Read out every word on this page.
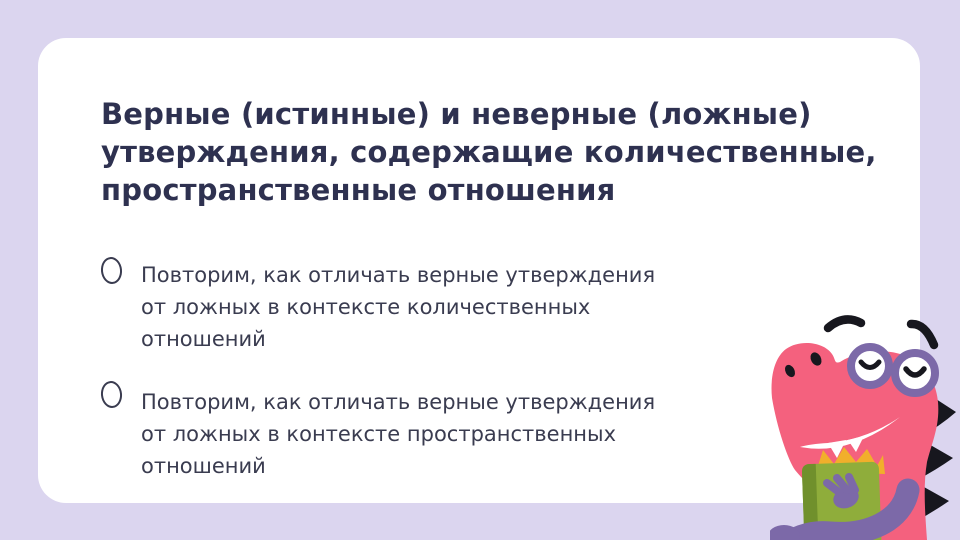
Верные (истинные) и неверные (ложные)
утверждения, содержащие количественные,
пространственные отношения
Повторим, как отличать верные утверждения
от ложных в контексте количественных
отношений
Повторим, как отличать верные утверждения
от ложных в контексте пространственных
отношений
